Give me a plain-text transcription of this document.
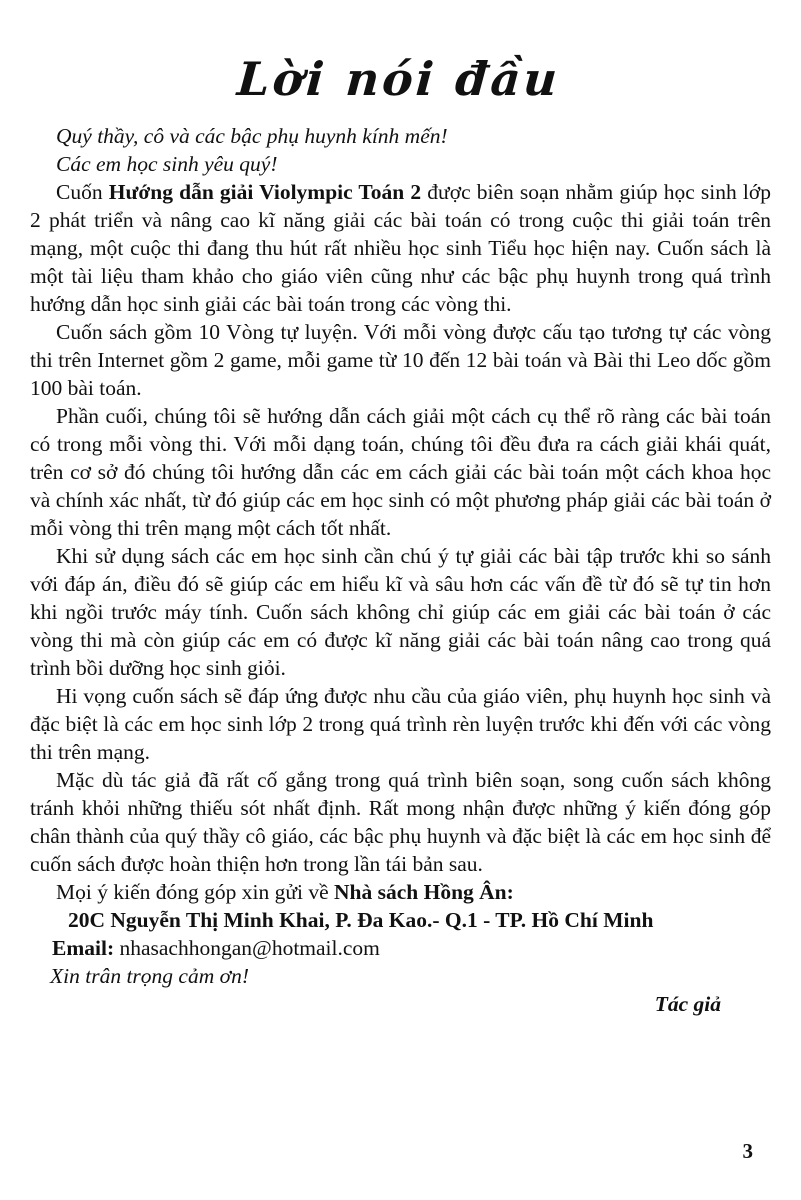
Lời nói đầu

Quý thầy, cô và các bậc phụ huynh kính mến!

Các em học sinh yêu quý!

Cuốn Hướng dẫn giải Violympic Toán 2 được biên soạn nhằm giúp học sinh lớp 2 phát triển và nâng cao kĩ năng giải các bài toán có trong cuộc thi giải toán trên mạng, một cuộc thi đang thu hút rất nhiều học sinh Tiểu học hiện nay. Cuốn sách là một tài liệu tham khảo cho giáo viên cũng như các bậc phụ huynh trong quá trình hướng dẫn học sinh giải các bài toán trong các vòng thi.

Cuốn sách gồm 10 Vòng tự luyện. Với mỗi vòng được cấu tạo tương tự các vòng thi trên Internet gồm 2 game, mỗi game từ 10 đến 12 bài toán và Bài thi Leo dốc gồm 100 bài toán.

Phần cuối, chúng tôi sẽ hướng dẫn cách giải một cách cụ thể rõ ràng các bài toán có trong mỗi vòng thi. Với mỗi dạng toán, chúng tôi đều đưa ra cách giải khái quát, trên cơ sở đó chúng tôi hướng dẫn các em cách giải các bài toán một cách khoa học và chính xác nhất, từ đó giúp các em học sinh có một phương pháp giải các bài toán ở mỗi vòng thi trên mạng một cách tốt nhất.

Khi sử dụng sách các em học sinh cần chú ý tự giải các bài tập trước khi so sánh với đáp án, điều đó sẽ giúp các em hiểu kĩ và sâu hơn các vấn đề từ đó sẽ tự tin hơn khi ngồi trước máy tính. Cuốn sách không chỉ giúp các em giải các bài toán ở các vòng thi mà còn giúp các em có được kĩ năng giải các bài toán nâng cao trong quá trình bồi dưỡng học sinh giỏi.

Hi vọng cuốn sách sẽ đáp ứng được nhu cầu của giáo viên, phụ huynh học sinh và đặc biệt là các em học sinh lớp 2 trong quá trình rèn luyện trước khi đến với các vòng thi trên mạng.

Mặc dù tác giả đã rất cố gắng trong quá trình biên soạn, song cuốn sách không tránh khỏi những thiếu sót nhất định. Rất mong nhận được những ý kiến đóng góp chân thành của quý thầy cô giáo, các bậc phụ huynh và đặc biệt là các em học sinh để cuốn sách được hoàn thiện hơn trong lần tái bản sau.

Mọi ý kiến đóng góp xin gửi về Nhà sách Hồng Ân:

20C Nguyễn Thị Minh Khai, P. Đa Kao.- Q.1 - TP. Hồ Chí Minh

Email: nhasachhongan@hotmail.com

Xin trân trọng cảm ơn!

Tác giả

3
